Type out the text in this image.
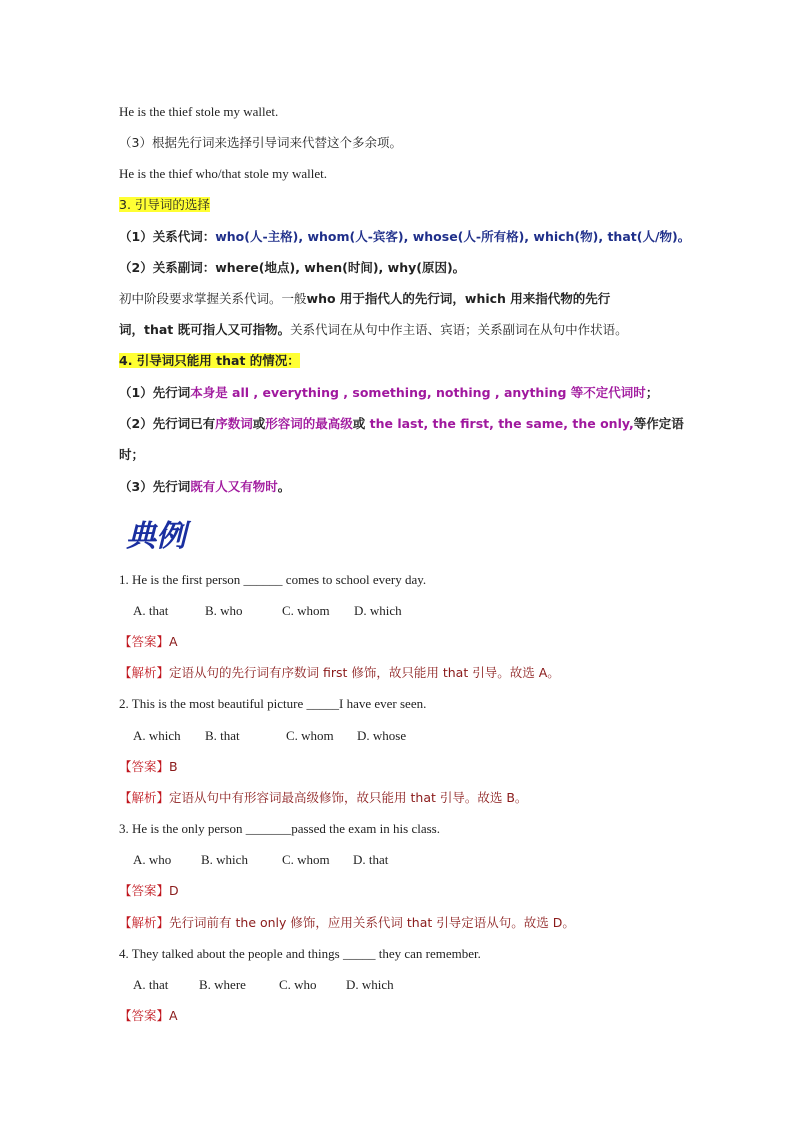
He is the thief stole my wallet.
（3）根据先行词来选择引导词来代替这个多余项。
He is the thief who/that stole my wallet.
3. 引导词的选择
（1）关系代词：who(人-主格), whom(人-宾客), whose(人-所有格), which(物), that(人/物)。
（2）关系副词：where(地点), when(时间), why(原因)。
初中阶段要求掌握关系代词。一般who 用于指代人的先行词，which 用来指代物的先行
词，that 既可指人又可指物。关系代词在从句中作主语、宾语；关系副词在从句中作状语。
4. 引导词只能用 that 的情况：
（1）先行词本身是 all , everything , something, nothing , anything 等不定代词时；
（2）先行词已有序数词或形容词的最高级或 the last, the first, the same, the only,等作定语
时；
（3）先行词既有人又有物时。
典例
1. He is the first person ______ comes to school every day.
A. that	B. who	C. whom D. which
【答案】A
【解析】定语从句的先行词有序数词 first 修饰，故只能用 that 引导。故选 A。
2. This is the most beautiful picture _____I have ever seen.
A. which B. that	C. whom D. whose
【答案】B
【解析】定语从句中有形容词最高级修饰，故只能用 that 引导。故选 B。
3. He is the only person _______passed the exam in his class.
A. who B. which	C. whom D. that
【答案】D
【解析】先行词前有 the only 修饰，应用关系代词 that 引导定语从句。故选 D。
4. They talked about the people and things _____ they can remember.
A. that B. where	C. who D. which
【答案】A
